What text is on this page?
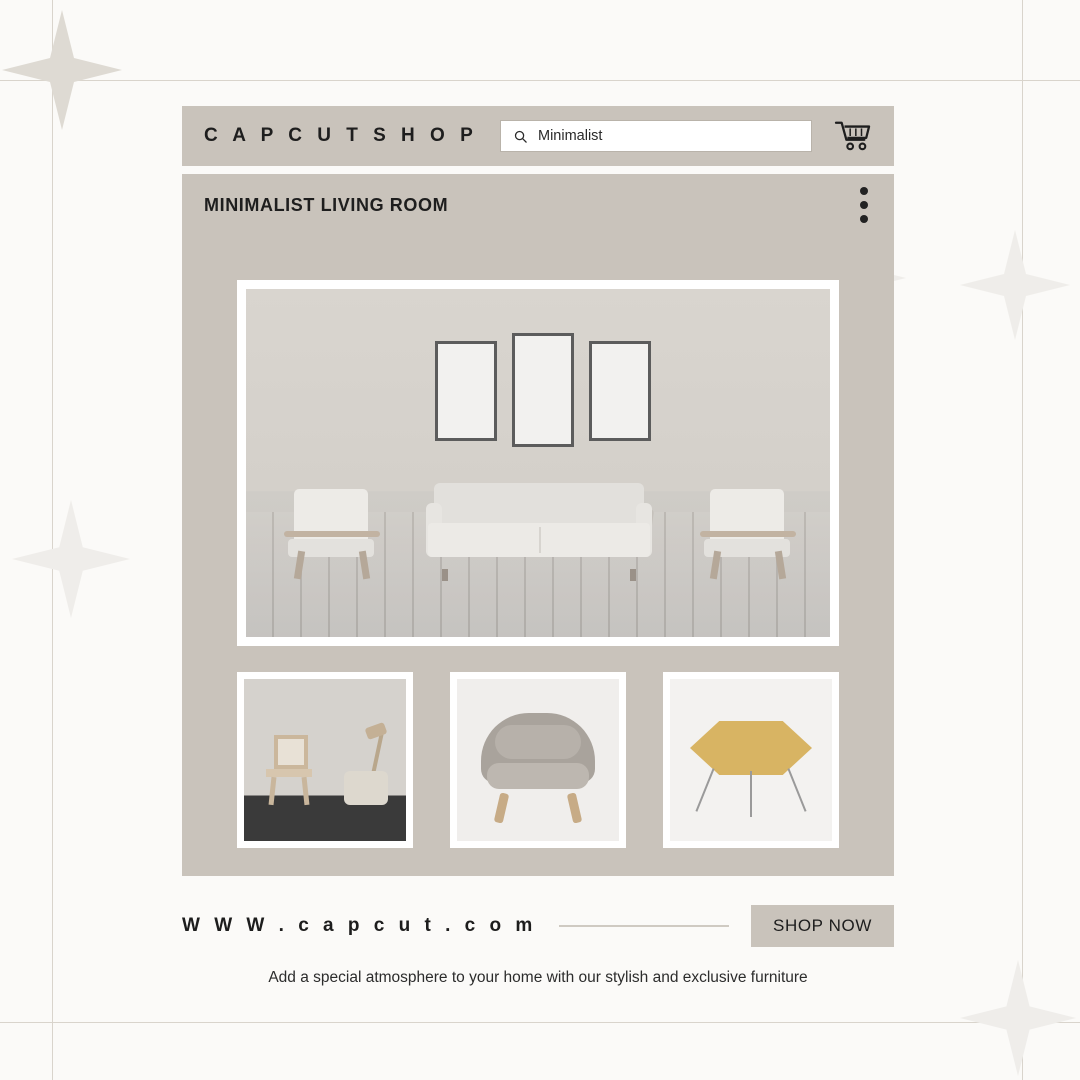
C A P C U T S H O P	Minimalist
MINIMALIST LIVING ROOM
W W W . c a p c u t . c o m	SHOP NOW
Add a special atmosphere to your home with our stylish and exclusive furniture
